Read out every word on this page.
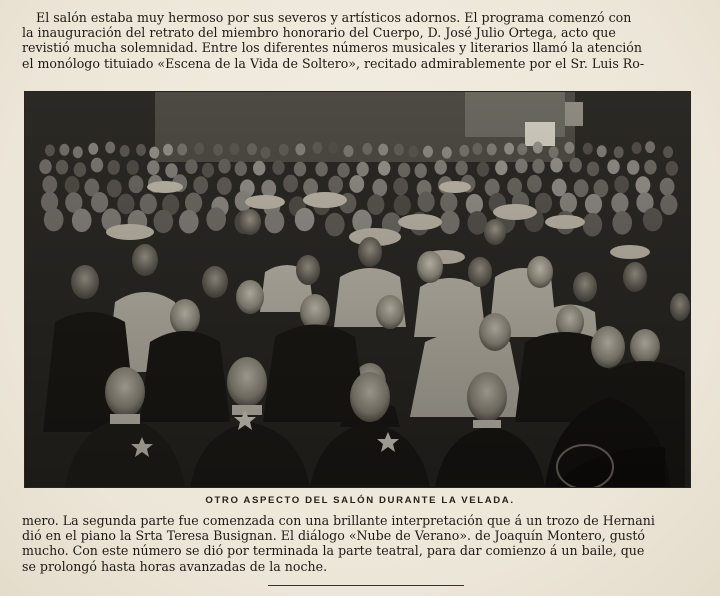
El salón estaba muy hermoso por sus severos y artísticos adornos. El programa comenzó con
la inauguración del retrato del miembro honorario del Cuerpo, D. José Julio Ortega, acto que
revistió mucha solemnidad. Entre los diferentes números musicales y literarios llamó la atención
el monólogo tituiado «Escena de la Vida de Soltero», recitado admirablemente por el Sr. Luis Ro-
OTRO ASPECTO DEL SALÓN DURANTE LA VELADA.
mero. La segunda parte fue comenzada con una brillante interpretación que á un trozo de Hernani
dió en el piano la Srta Teresa Busignan. El diálogo «Nube de Verano». de Joaquín Montero, gustó
mucho. Con este número se dió por terminada la parte teatral, para dar comienzo á un baile, que
se prolongó hasta horas avanzadas de la noche.
